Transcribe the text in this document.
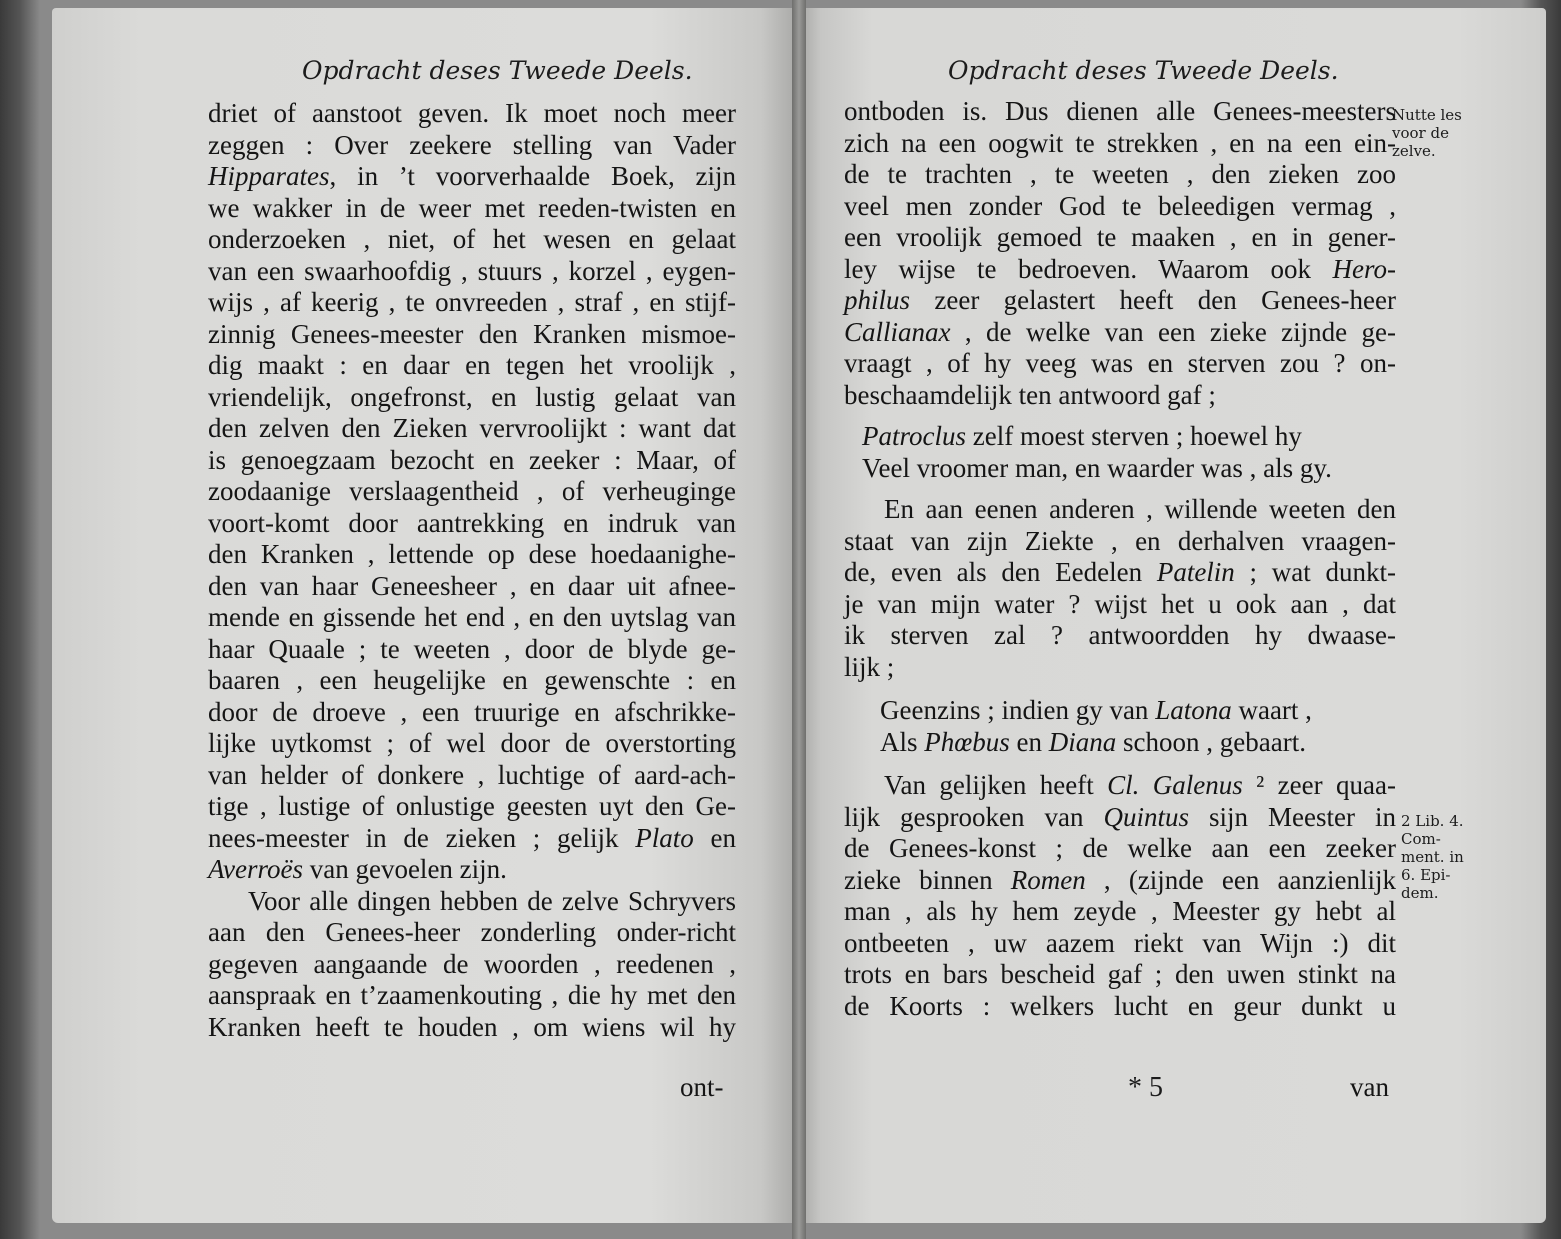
Opdracht deses Tweede Deels.
driet of aanstoot geven. Ik moet noch meer
zeggen : Over zeekere stelling van Vader
Hipparates, in ’t voorverhaalde Boek, zijn
we wakker in de weer met reeden-twisten en
onderzoeken , niet, of het wesen en gelaat
van een swaarhoofdig , stuurs , korzel , eygen-
wijs , af keerig , te onvreeden , straf , en stijf-
zinnig Genees-meester den Kranken mismoe-
dig maakt : en daar en tegen het vroolijk ,
vriendelijk, ongefronst, en lustig gelaat van
den zelven den Zieken vervroolijkt : want dat
is genoegzaam bezocht en zeeker : Maar, of
zoodaanige verslaagentheid , of verheuginge
voort-komt door aantrekking en indruk van
den Kranken , lettende op dese hoedaanighe-
den van haar Geneesheer , en daar uit afnee-
mende en gissende het end , en den uytslag van
haar Quaale ; te weeten , door de blyde ge-
baaren , een heugelijke en gewenschte : en
door de droeve , een truurige en afschrikke-
lijke uytkomst ; of wel door de overstorting
van helder of donkere , luchtige of aard-ach-
tige , lustige of onlustige geesten uyt den Ge-
nees-meester in de zieken ; gelijk Plato en
Averroës van gevoelen zijn.
Voor alle dingen hebben de zelve Schryvers
aan den Genees-heer zonderling onder-richt
gegeven aangaande de woorden , reedenen ,
aanspraak en t’zaamenkouting , die hy met den
Kranken heeft te houden , om wiens wil hy
ont-
Opdracht deses Tweede Deels.
ontboden is. Dus dienen alle Genees-meesters
zich na een oogwit te strekken , en na een ein-
de te trachten , te weeten , den zieken zoo
veel men zonder God te beleedigen vermag ,
een vroolijk gemoed te maaken , en in gener-
ley wijse te bedroeven. Waarom ook Hero-
philus zeer gelastert heeft den Genees-heer
Callianax , de welke van een zieke zijnde ge-
vraagt , of hy veeg was en sterven zou ? on-
beschaamdelijk ten antwoord gaf ;
Patroclus zelf moest sterven ; hoewel hy
Veel vroomer man, en waarder was , als gy.
En aan eenen anderen , willende weeten den
staat van zijn Ziekte , en derhalven vraagen-
de, even als den Eedelen Patelin ; wat dunkt-
je van mijn water ? wijst het u ook aan , dat
ik sterven zal ? antwoordden hy dwaase-
lijk ;
Geenzins ; indien gy van Latona waart ,
Als Phœbus en Diana schoon , gebaart.
Van gelijken heeft Cl. Galenus ² zeer quaa-
lijk gesprooken van Quintus sijn Meester in
de Genees-konst ; de welke aan een zeeker
zieke binnen Romen , (zijnde een aanzienlijk
man , als hy hem zeyde , Meester gy hebt al
ontbeeten , uw aazem riekt van Wijn :) dit
trots en bars bescheid gaf ; den uwen stinkt na
de Koorts : welkers lucht en geur dunkt u
Nutte les
voor de
zelve.
2 Lib. 4.
Com-
ment. in
6. Epi-
dem.
* 5	van
